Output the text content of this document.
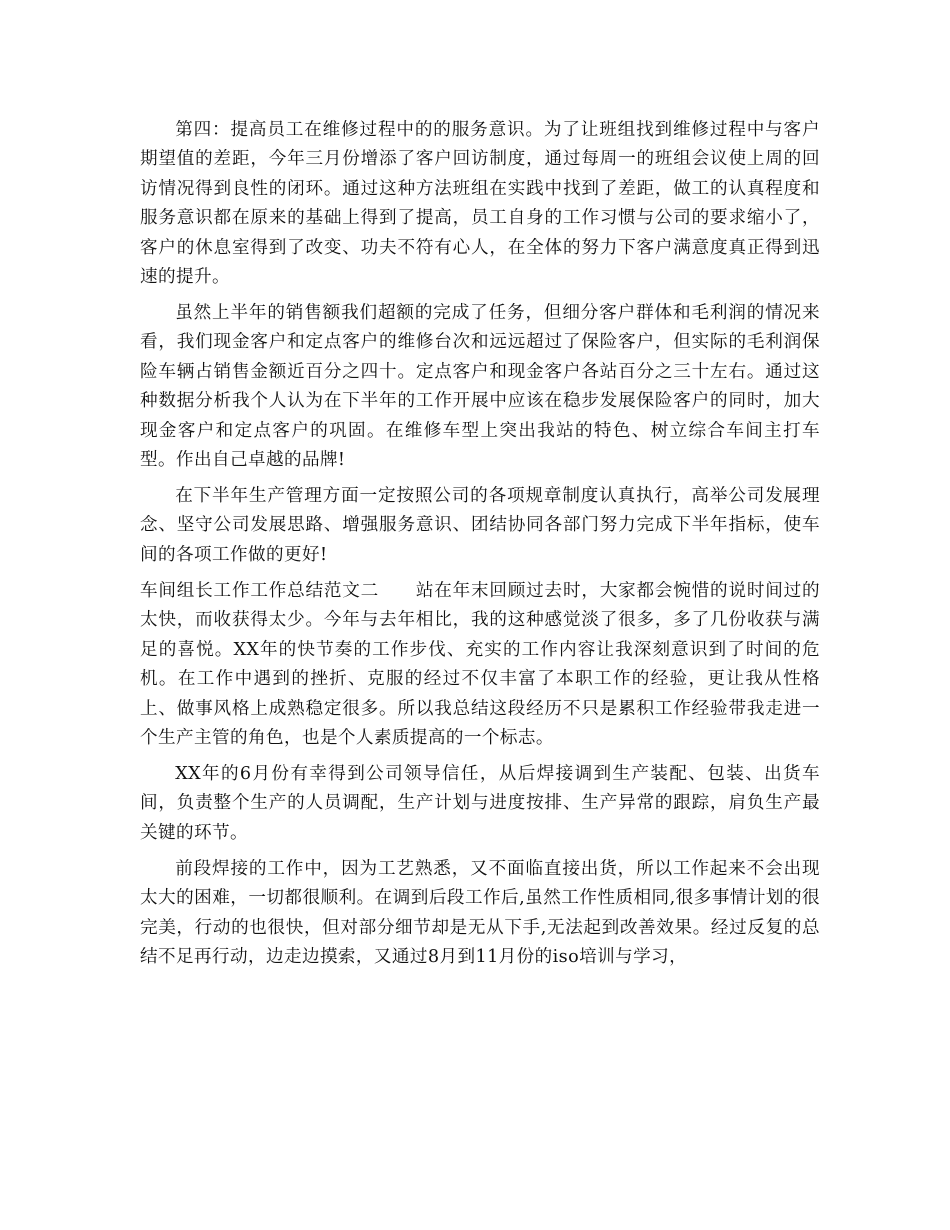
第四：提高员工在维修过程中的的服务意识。为了让班组找到维修过程中与客户期望值的差距，今年三月份增添了客户回访制度，通过每周一的班组会议使上周的回访情况得到良性的闭环。通过这种方法班组在实践中找到了差距，做工的认真程度和服务意识都在原来的基础上得到了提高，员工自身的工作习惯与公司的要求缩小了，客户的休息室得到了改变、功夫不符有心人，在全体的努力下客户满意度真正得到迅速的提升。

虽然上半年的销售额我们超额的完成了任务，但细分客户群体和毛利润的情况来看，我们现金客户和定点客户的维修台次和远远超过了保险客户，但实际的毛利润保险车辆占销售金额近百分之四十。定点客户和现金客户各站百分之三十左右。通过这种数据分析我个人认为在下半年的工作开展中应该在稳步发展保险客户的同时，加大现金客户和定点客户的巩固。在维修车型上突出我站的特色、树立综合车间主打车型。作出自己卓越的品牌!

在下半年生产管理方面一定按照公司的各项规章制度认真执行，高举公司发展理念、坚守公司发展思路、增强服务意识、团结协同各部门努力完成下半年指标，使车间的各项工作做的更好!

车间组长工作工作总结范文二　　站在年末回顾过去时，大家都会惋惜的说时间过的太快，而收获得太少。今年与去年相比，我的这种感觉淡了很多，多了几份收获与满足的喜悦。XX年的快节奏的工作步伐、充实的工作内容让我深刻意识到了时间的危机。在工作中遇到的挫折、克服的经过不仅丰富了本职工作的经验，更让我从性格上、做事风格上成熟稳定很多。所以我总结这段经历不只是累积工作经验带我走进一个生产主管的角色，也是个人素质提高的一个标志。

XX年的6月份有幸得到公司领导信任，从后焊接调到生产装配、包装、出货车间，负责整个生产的人员调配，生产计划与进度按排、生产异常的跟踪，肩负生产最关键的环节。

前段焊接的工作中，因为工艺熟悉，又不面临直接出货，所以工作起来不会出现太大的困难，一切都很顺利。在调到后段工作后,虽然工作性质相同,很多事情计划的很完美，行动的也很快，但对部分细节却是无从下手,无法起到改善效果。经过反复的总结不足再行动，边走边摸索，又通过8月到11月份的iso培训与学习，
